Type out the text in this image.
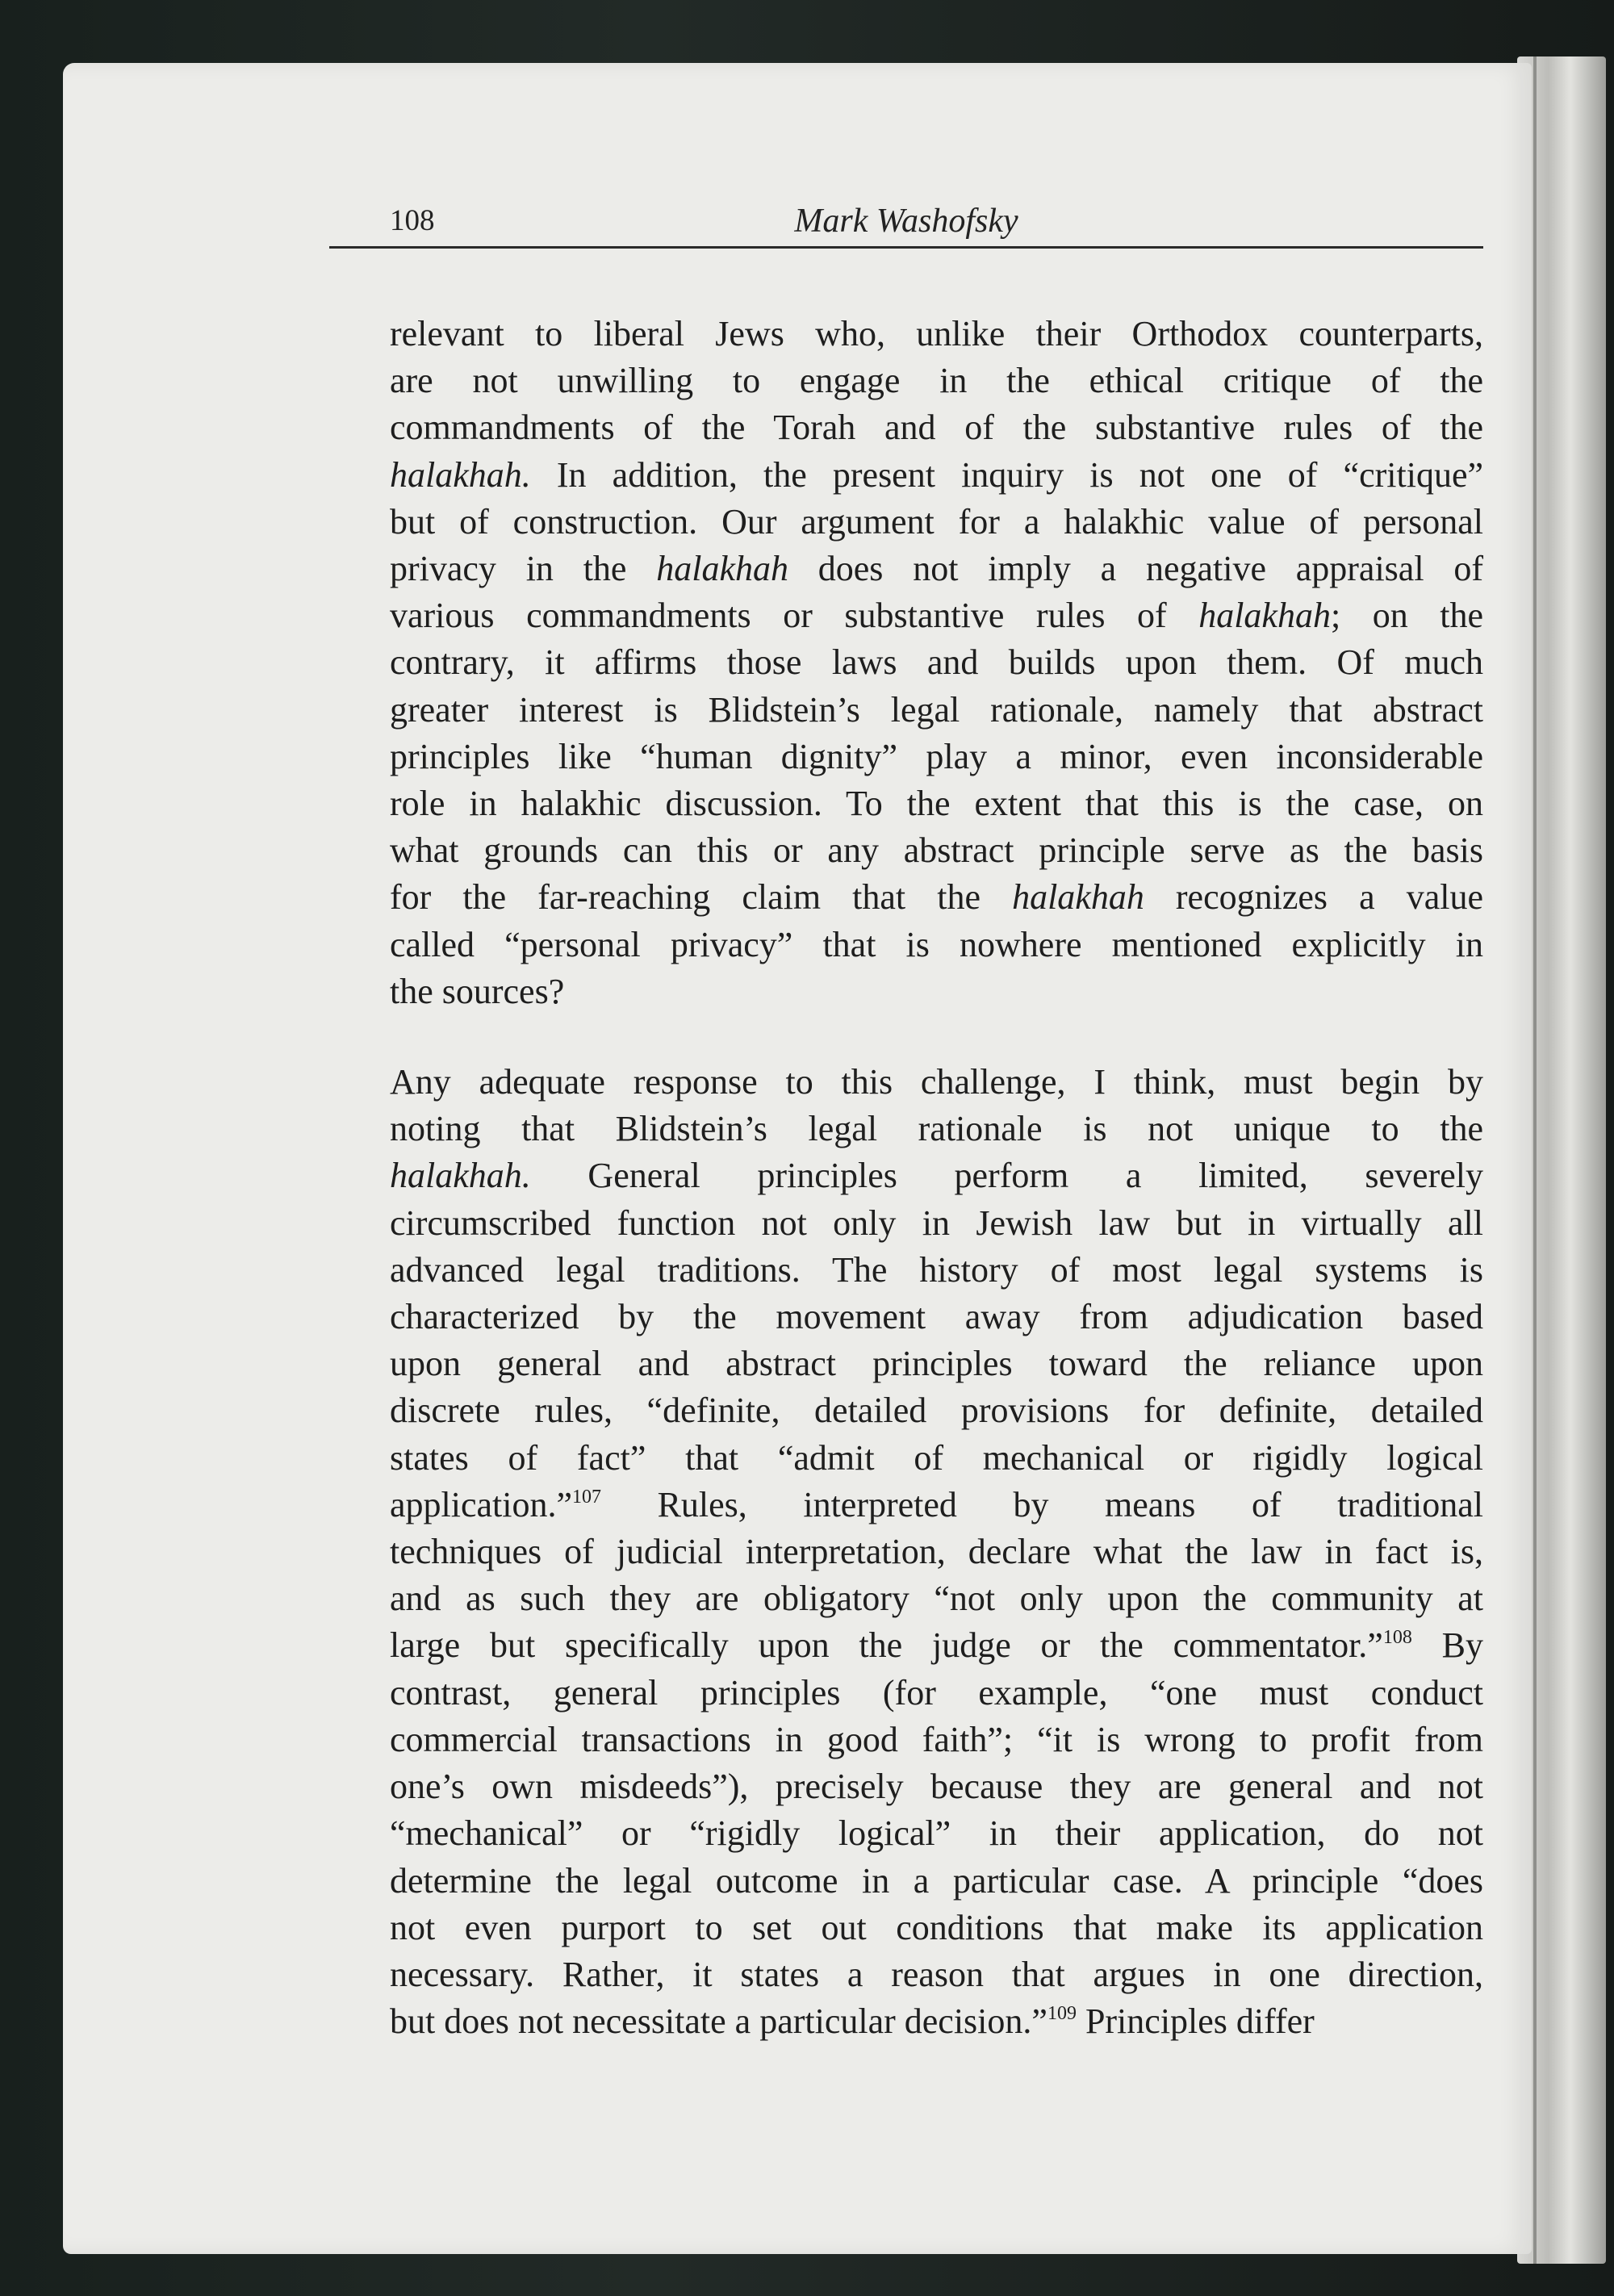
108	Mark Washofsky

relevant to liberal Jews who, unlike their Orthodox counterparts,
are not unwilling to engage in the ethical critique of the
commandments of the Torah and of the substantive rules of the
halakhah. In addition, the present inquiry is not one of “critique”
but of construction. Our argument for a halakhic value of personal
privacy in the halakhah does not imply a negative appraisal of
various commandments or substantive rules of halakhah; on the
contrary, it affirms those laws and builds upon them. Of much
greater interest is Blidstein’s legal rationale, namely that abstract
principles like “human dignity” play a minor, even inconsiderable
role in halakhic discussion. To the extent that this is the case, on
what grounds can this or any abstract principle serve as the basis
for the far-reaching claim that the halakhah recognizes a value
called “personal privacy” that is nowhere mentioned explicitly in
the sources?

Any adequate response to this challenge, I think, must begin by
noting that Blidstein’s legal rationale is not unique to the
halakhah. General principles perform a limited, severely
circumscribed function not only in Jewish law but in virtually all
advanced legal traditions. The history of most legal systems is
characterized by the movement away from adjudication based
upon general and abstract principles toward the reliance upon
discrete rules, “definite, detailed provisions for definite, detailed
states of fact” that “admit of mechanical or rigidly logical
application.”$^{107}$ Rules, interpreted by means of traditional
techniques of judicial interpretation, declare what the law in fact is,
and as such they are obligatory “not only upon the community at
large but specifically upon the judge or the commentator.”$^{108}$ By
contrast, general principles (for example, “one must conduct
commercial transactions in good faith”; “it is wrong to profit from
one’s own misdeeds”), precisely because they are general and not
“mechanical” or “rigidly logical” in their application, do not
determine the legal outcome in a particular case. A principle “does
not even purport to set out conditions that make its application
necessary. Rather, it states a reason that argues in one direction,
but does not necessitate a particular decision.”$^{109}$ Principles differ
